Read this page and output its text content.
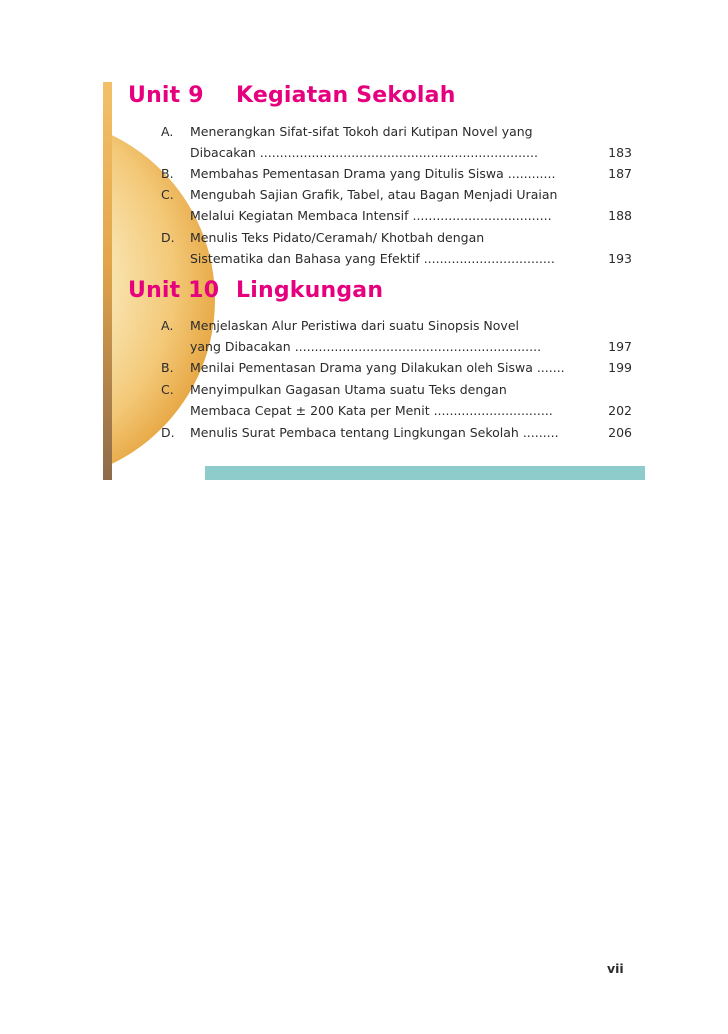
Unit 9 Kegiatan Sekolah
A. Menerangkan Sifat-sifat Tokoh dari Kutipan Novel yang
Dibacakan ......................................................................	183
B. Membahas Pementasan Drama yang Ditulis Siswa ............	187
C. Mengubah Sajian Grafik, Tabel, atau Bagan Menjadi Uraian
Melalui Kegiatan Membaca Intensif ...................................	188
D. Menulis Teks Pidato/Ceramah/ Khotbah dengan
Sistematika dan Bahasa yang Efektif .................................	193
Unit 10 Lingkungan
A. Menjelaskan Alur Peristiwa dari suatu Sinopsis Novel
yang Dibacakan ..............................................................	197
B. Menilai Pementasan Drama yang Dilakukan oleh Siswa .......	199
C. Menyimpulkan Gagasan Utama suatu Teks dengan
Membaca Cepat ± 200 Kata per Menit ..............................	202
D. Menulis Surat Pembaca tentang Lingkungan Sekolah .........	206
vii
